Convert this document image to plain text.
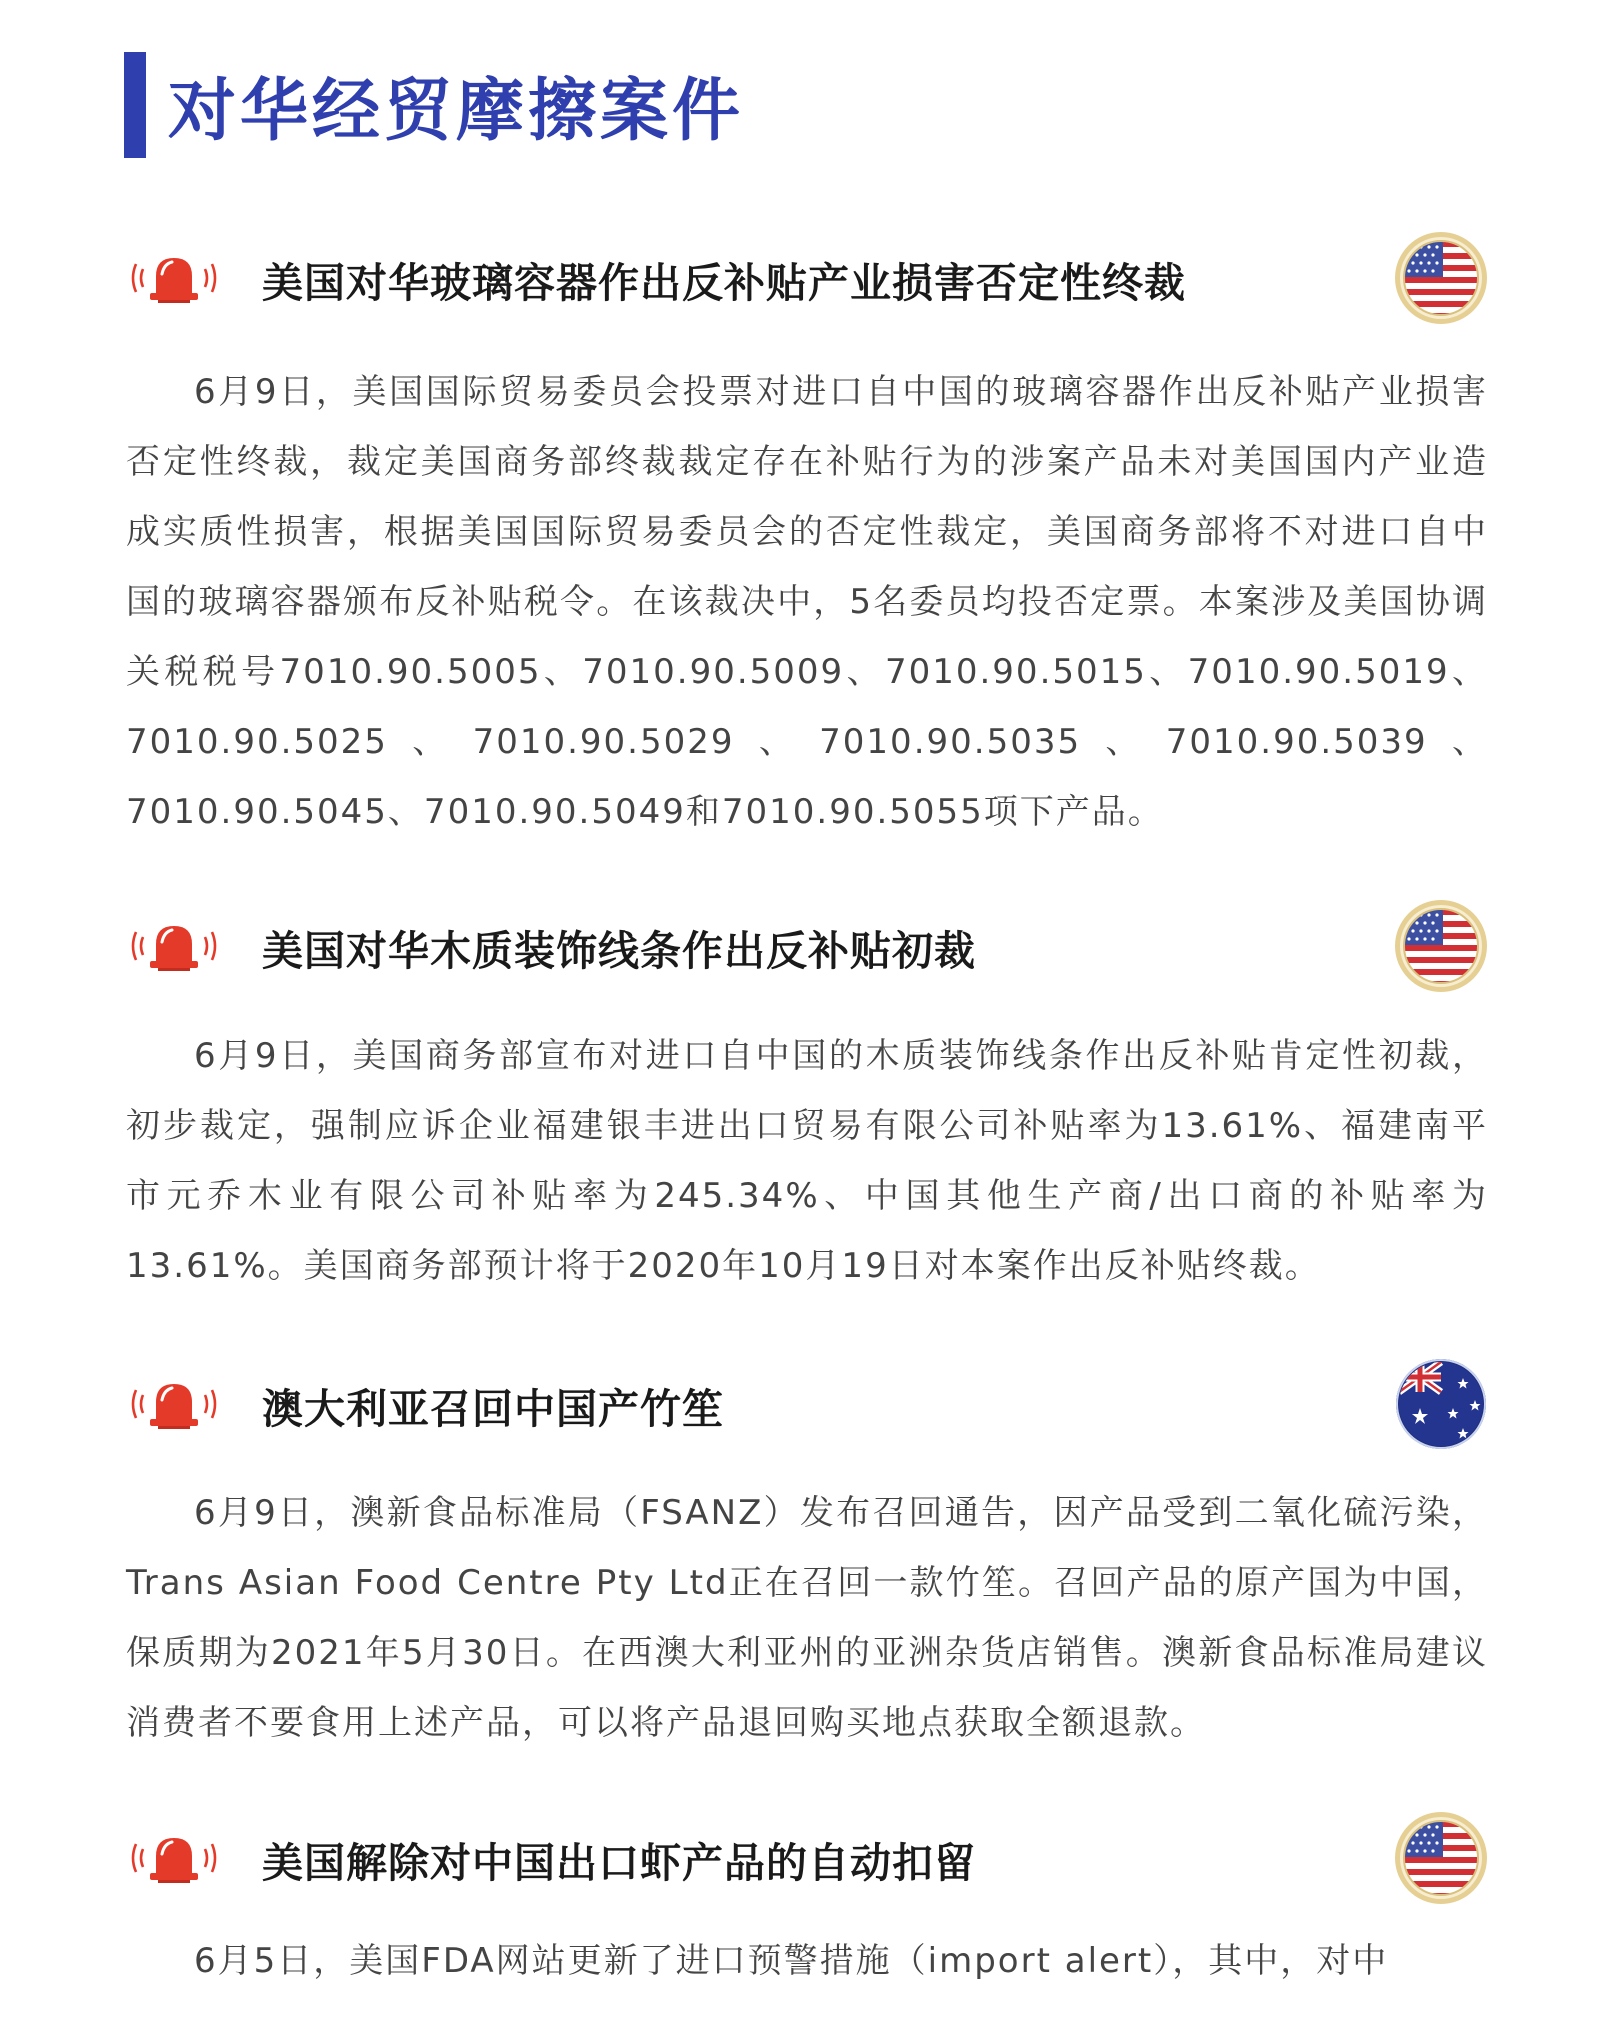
对华经贸摩擦案件
美国对华玻璃容器作出反补贴产业损害否定性终裁

6月9日，美国国际贸易委员会投票对进口自中国的玻璃容器作出反补贴产业损害否定性终裁，裁定美国商务部终裁裁定存在补贴行为的涉案产品未对美国国内产业造成实质性损害，根据美国国际贸易委员会的否定性裁定，美国商务部将不对进口自中国的玻璃容器颁布反补贴税令。在该裁决中，5名委员均投否定票。本案涉及美国协调关税税号7010.90.5005、7010.90.5009、7010.90.5015、7010.90.5019、7010.90.5025、7010.90.5029、7010.90.5035、7010.90.5039、7010.90.5045、7010.90.5049和7010.90.5055项下产品。

美国对华木质装饰线条作出反补贴初裁

6月9日，美国商务部宣布对进口自中国的木质装饰线条作出反补贴肯定性初裁，初步裁定，强制应诉企业福建银丰进出口贸易有限公司补贴率为13.61%、福建南平市元乔木业有限公司补贴率为245.34%、中国其他生产商/出口商的补贴率为13.61%。美国商务部预计将于2020年10月19日对本案作出反补贴终裁。

澳大利亚召回中国产竹笙

6月9日，澳新食品标准局（FSANZ）发布召回通告，因产品受到二氧化硫污染，Trans Asian Food Centre Pty Ltd正在召回一款竹笙。召回产品的原产国为中国，保质期为2021年5月30日。在西澳大利亚州的亚洲杂货店销售。澳新食品标准局建议消费者不要食用上述产品，可以将产品退回购买地点获取全额退款。

美国解除对中国出口虾产品的自动扣留

6月5日，美国FDA网站更新了进口预警措施（import alert），其中，对中
